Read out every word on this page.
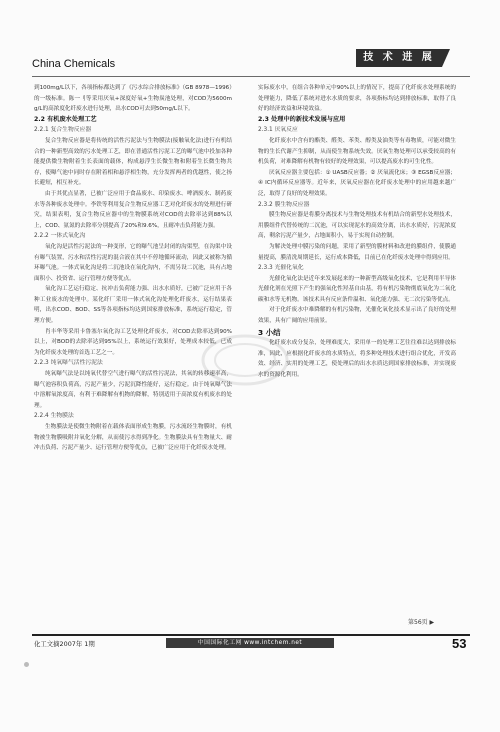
China Chemicals
技 术 进 展

到100mg/L以下，各项指标都达到了《污水综合排放标准》（GB 8978—1996）的一级标准。陈一刂等采用厌氧+深度好氧+生物炭池处理，对COD为5600mg/L的高浓度化纤废水进行处理，出水COD可去到50mg/L以下。

2.2 有机废水处理工艺

2.2.1 复合生物反应器

复合生物反应器是将传统的活性污泥法与生物膜法(接触氧化法)进行有机结合的一种新型高效的污水处理工艺，即在普通活性污泥工艺的曝气池中投加各种能提供微生物附着生长表面的载体，构成悬浮生长微生物和附着生长微生物共存，使曝气池中同时存在附着相和悬浮相生物，充分发挥两者的优越性，使之扬长避短，相互补充。

由于其优点显著，已被广泛应用于食品废水、印染废水、啤酒废水、制药废水等各种废水处理中。李铁等利用复合生物反应器工艺对化纤废水的处理进行研究，结果表明，复合生物反应器中的生物膜系统对COD的去除率达到88%以上，COD、氨氮的去除率分别提高了20%和9.6%，且耐冲击负荷能力强。

2.2.2 一体式氧化沟

氧化沟是活性污泥法的一种变形，它的曝气池呈封闭的沟渠型，在沟渠中设有曝气装置，污水和活性污泥的混合液在其中不停地循环流动，因此又被称为循环曝气池。一体式氧化沟是将二沉池设在氧化沟内，不需另设二沉池，具有占地面积小、投资省、运行管理方便等优点。

氧化沟工艺运行稳定、抗冲击负荷能力强、出水水质好，已被广泛应用于各种工业废水的处理中。某化纤厂采用一体式氧化沟处理化纤废水，运行结果表明，出水COD、BOD、SS等各项指标均达到国家排放标准，系统运行稳定，管理方便。

肖丰华等采用卡鲁塞尔氧化沟工艺处理化纤废水，对COD去除率达到90%以上，对BOD的去除率达到95%以上，系统运行效果好，处理成本较低，已成为化纤废水处理的首选工艺之一。

2.2.3 纯氧曝气活性污泥法

纯氧曝气法是以纯氧代替空气进行曝气的活性污泥法，其氧的转移速率高，曝气池容积负荷高，污泥产量少，污泥沉降性能好，运行稳定。由于纯氧曝气法中溶解氧浓度高，有利于难降解有机物的降解，特别适用于高浓度有机废水的处理。

2.2.4 生物膜法

生物膜法是使微生物附着在载体表面形成生物膜，污水流经生物膜时，有机物被生物膜吸附并氧化分解，从而使污水得到净化。生物膜法具有生物量大、耐冲击负荷、污泥产量少、运行管理方便等优点，已被广泛应用于化纤废水处理。

实际废水中，在组合各种单元中90%以上的情况下，提高了化纤废水处理系统的处理能力，降低了系统对进水水质的要求，各项指标均达到排放标准，取得了良好的经济效益和环境效益。

2.3 处理中的新技术发展与应用

2.3.1 厌氧反应

化纤废水中含有的酯类、醛类、苯类、醇类及油类等有毒物质，可能对微生物的生长代谢产生抑制，从而使生物系统失效。厌氧生物处理可以承受较高的有机负荷，对难降解有机物有较好的处理效果，可以提高废水的可生化性。

厌氧反应器主要包括：① UASB反应器；② 厌氧流化床；③ EGSB反应器；④ IC内循环反应器等。近年来，厌氧反应器在化纤废水处理中的应用越来越广泛，取得了良好的处理效果。

2.3.2 膜生物反应器

膜生物反应器是将膜分离技术与生物处理技术有机结合的新型水处理技术，用膜组件代替传统的二沉池，可以实现泥水的高效分离，出水水质好，污泥浓度高，剩余污泥产量少，占地面积小，易于实现自动控制。

为解决处理中膜污染的问题，采用了新型的膜材料和改进的膜组件，使膜通量提高，膜清洗周期延长，运行成本降低，目前已在化纤废水处理中得到应用。

2.3.3 光催化氧化

光催化氧化法是近年来发展起来的一种新型高级氧化技术，它是利用半导体光催化剂在光照下产生的强氧化性羟基自由基，将有机污染物彻底氧化为二氧化碳和水等无机物。该技术具有反应条件温和、氧化能力强、无二次污染等优点。

对于化纤废水中难降解的有机污染物，光催化氧化技术显示出了良好的处理效果，具有广阔的应用前景。

3 小结

化纤废水成分复杂，处理难度大，采用单一的处理工艺往往难以达到排放标准，因此，应根据化纤废水的水质特点，将多种处理技术进行组合优化，开发高效、经济、实用的处理工艺，使处理后的出水水质达到国家排放标准，并实现废水的资源化利用。

第56页 ▶
化工文摘2007年 1期	中国国际化工网 www.intchem.net	53
